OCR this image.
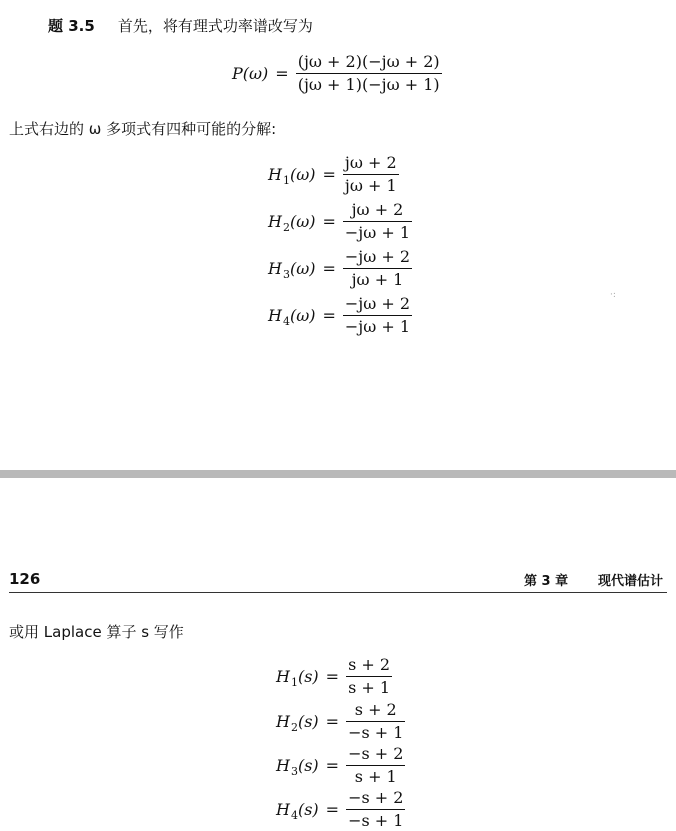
题 3.5 首先，将有理式功率谱改写为
$P(\omega) = \frac{(j\omega + 2)(-j\omega + 2)}{(j\omega + 1)(-j\omega + 1)}$
上式右边的 ω 多项式有四种可能的分解:
H 1 $(\omega) = \frac{j\omega + 2}{j\omega + 1}$
H 2 $(\omega) = \frac{j\omega + 2}{-j\omega + 1}$
H 3 $(\omega) = \frac{-j\omega + 2}{j\omega + 1}$
H 4 $(\omega) = \frac{-j\omega + 2}{-j\omega + 1}$	·:
126	第 3 章 现代谱估计
或用 Laplace 算子 s 写作
H 1 $(s) = \frac{s + 2}{s + 1}$
H 2 $(s) = \frac{s + 2}{-s + 1}$
H 3 $(s) = \frac{-s + 2}{s + 1}$
H 4 $(s) = \frac{-s + 2}{-s + 1}$
